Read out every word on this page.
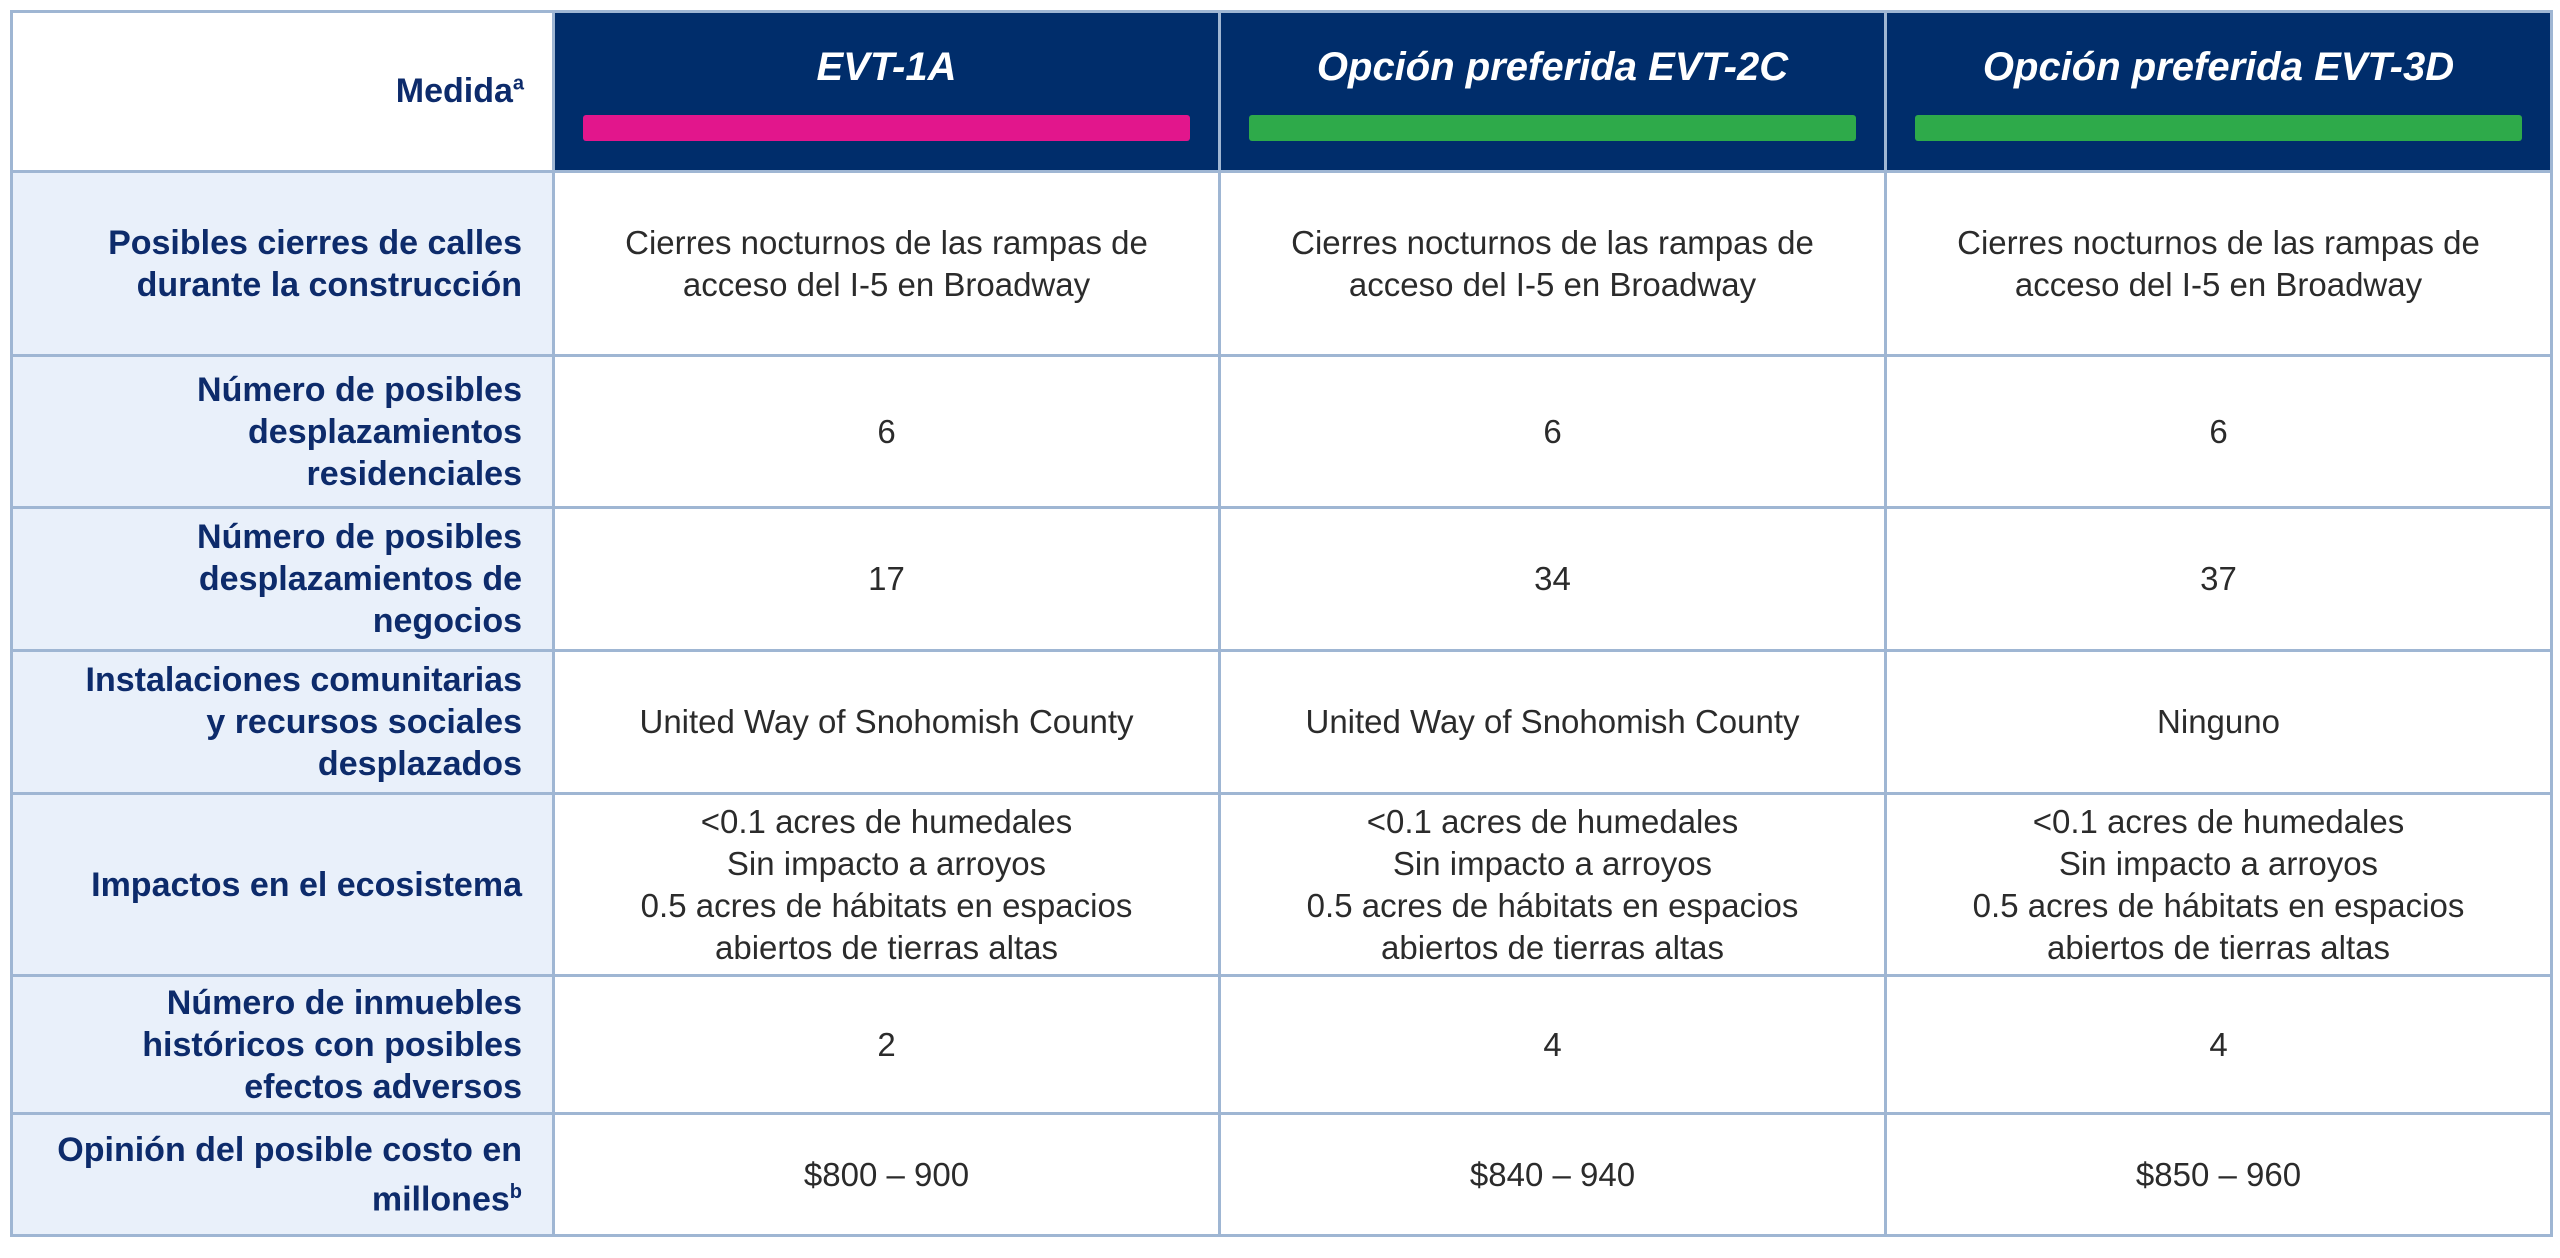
Medida$^a$	EVT-1A	Opción preferida EVT-2C	Opción preferida EVT-3D

Posibles cierres de calles
durante la construcción	Cierres nocturnos de las rampas de
acceso del I-5 en Broadway	Cierres nocturnos de las rampas de
acceso del I-5 en Broadway	Cierres nocturnos de las rampas de
acceso del I-5 en Broadway

Número de posibles
desplazamientos
residenciales	6	6	6

Número de posibles
desplazamientos de
negocios	17	34	37

Instalaciones comunitarias
y recursos sociales
desplazados	United Way of Snohomish County	United Way of Snohomish County	Ninguno

Impactos en el ecosistema	<0.1 acres de humedales
Sin impacto a arroyos
0.5 acres de hábitats en espacios
abiertos de tierras altas	<0.1 acres de humedales
Sin impacto a arroyos
0.5 acres de hábitats en espacios
abiertos de tierras altas	<0.1 acres de humedales
Sin impacto a arroyos
0.5 acres de hábitats en espacios
abiertos de tierras altas

Número de inmuebles
históricos con posibles
efectos adversos	2	4	4

Opinión del posible costo en
millones$^b$	$800 – 900	$840 – 940	$850 – 960
